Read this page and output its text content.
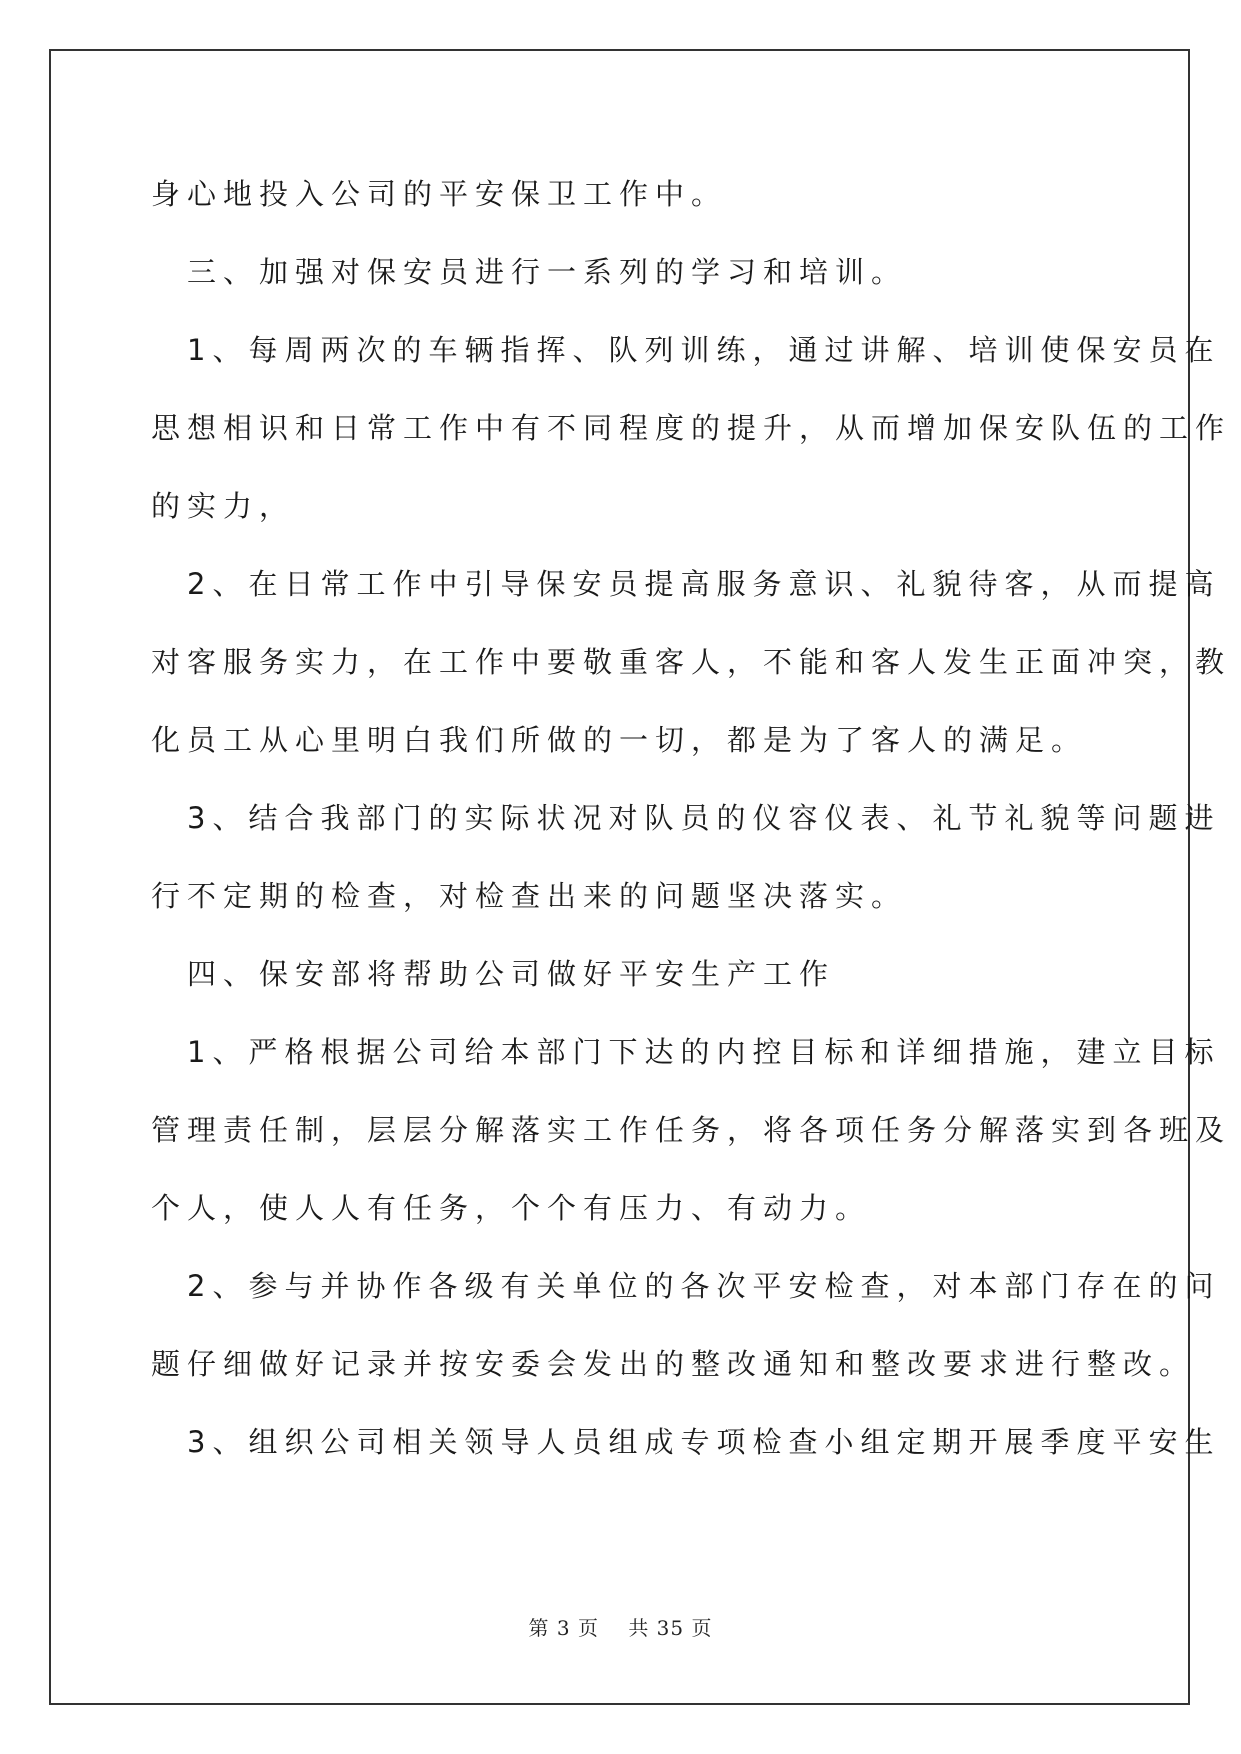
身心地投入公司的平安保卫工作中。
　三、加强对保安员进行一系列的学习和培训。
　1、每周两次的车辆指挥、队列训练，通过讲解、培训使保安员在
思想相识和日常工作中有不同程度的提升，从而增加保安队伍的工作
的实力，
　2、在日常工作中引导保安员提高服务意识、礼貌待客，从而提高
对客服务实力，在工作中要敬重客人，不能和客人发生正面冲突，教
化员工从心里明白我们所做的一切，都是为了客人的满足。
　3、结合我部门的实际状况对队员的仪容仪表、礼节礼貌等问题进
行不定期的检查，对检查出来的问题坚决落实。
　四、保安部将帮助公司做好平安生产工作
　1、严格根据公司给本部门下达的内控目标和详细措施，建立目标
管理责任制，层层分解落实工作任务，将各项任务分解落实到各班及
个人，使人人有任务，个个有压力、有动力。
　2、参与并协作各级有关单位的各次平安检查，对本部门存在的问
题仔细做好记录并按安委会发出的整改通知和整改要求进行整改。
　3、组织公司相关领导人员组成专项检查小组定期开展季度平安生
第 3 页 共 35 页
